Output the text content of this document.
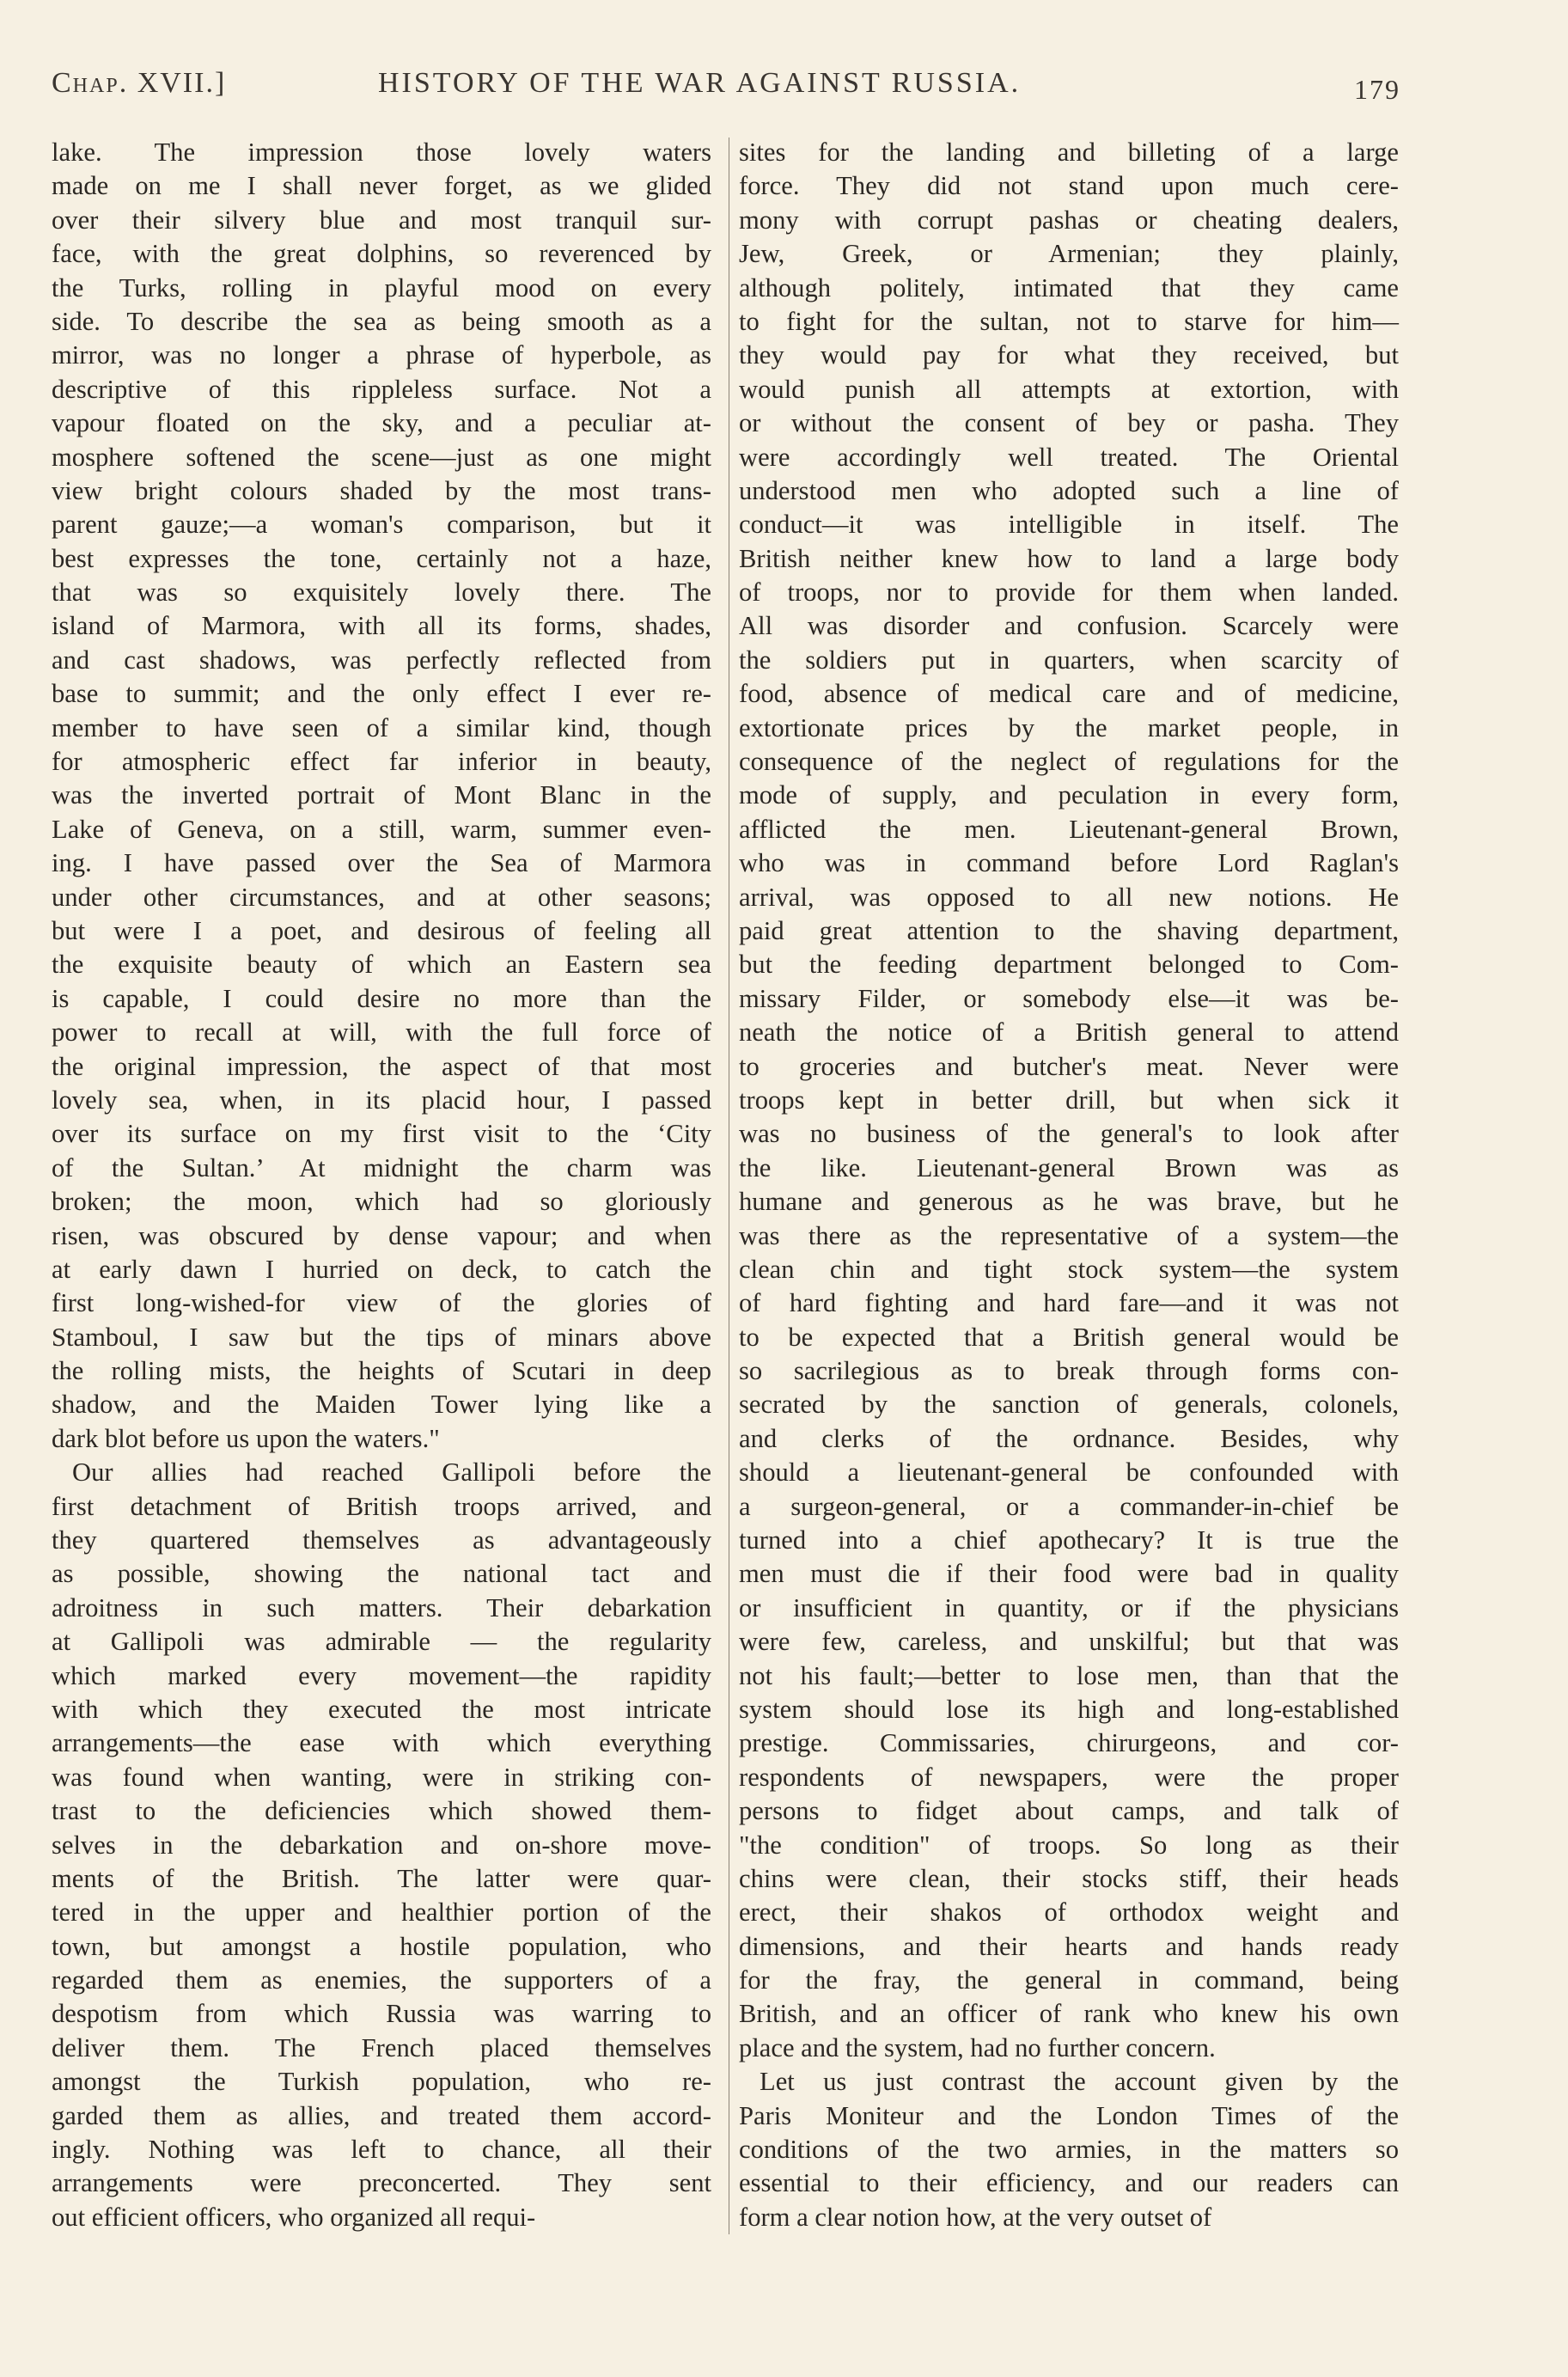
Chap. XVII.]	HISTORY OF THE WAR AGAINST RUSSIA.	179
lake. The impression those lovely waters
made on me I shall never forget, as we glided
over their silvery blue and most tranquil sur-
face, with the great dolphins, so reverenced by
the Turks, rolling in playful mood on every
side. To describe the sea as being smooth as a
mirror, was no longer a phrase of hyperbole, as
descriptive of this rippleless surface. Not a
vapour floated on the sky, and a peculiar at-
mosphere softened the scene—just as one might
view bright colours shaded by the most trans-
parent gauze;—a woman's comparison, but it
best expresses the tone, certainly not a haze,
that was so exquisitely lovely there. The
island of Marmora, with all its forms, shades,
and cast shadows, was perfectly reflected from
base to summit; and the only effect I ever re-
member to have seen of a similar kind, though
for atmospheric effect far inferior in beauty,
was the inverted portrait of Mont Blanc in the
Lake of Geneva, on a still, warm, summer even-
ing. I have passed over the Sea of Marmora
under other circumstances, and at other seasons;
but were I a poet, and desirous of feeling all
the exquisite beauty of which an Eastern sea
is capable, I could desire no more than the
power to recall at will, with the full force of
the original impression, the aspect of that most
lovely sea, when, in its placid hour, I passed
over its surface on my first visit to the ‘City
of the Sultan.’ At midnight the charm was
broken; the moon, which had so gloriously
risen, was obscured by dense vapour; and when
at early dawn I hurried on deck, to catch the
first long-wished-for view of the glories of
Stamboul, I saw but the tips of minars above
the rolling mists, the heights of Scutari in deep
shadow, and the Maiden Tower lying like a
dark blot before us upon the waters."
Our allies had reached Gallipoli before the
first detachment of British troops arrived, and
they quartered themselves as advantageously
as possible, showing the national tact and
adroitness in such matters. Their debarkation
at Gallipoli was admirable — the regularity
which marked every movement—the rapidity
with which they executed the most intricate
arrangements—the ease with which everything
was found when wanting, were in striking con-
trast to the deficiencies which showed them-
selves in the debarkation and on-shore move-
ments of the British. The latter were quar-
tered in the upper and healthier portion of the
town, but amongst a hostile population, who
regarded them as enemies, the supporters of a
despotism from which Russia was warring to
deliver them. The French placed themselves
amongst the Turkish population, who re-
garded them as allies, and treated them accord-
ingly. Nothing was left to chance, all their
arrangements were preconcerted. They sent
out efficient officers, who organized all requi-
sites for the landing and billeting of a large
force. They did not stand upon much cere-
mony with corrupt pashas or cheating dealers,
Jew, Greek, or Armenian; they plainly,
although politely, intimated that they came
to fight for the sultan, not to starve for him—
they would pay for what they received, but
would punish all attempts at extortion, with
or without the consent of bey or pasha. They
were accordingly well treated. The Oriental
understood men who adopted such a line of
conduct—it was intelligible in itself. The
British neither knew how to land a large body
of troops, nor to provide for them when landed.
All was disorder and confusion. Scarcely were
the soldiers put in quarters, when scarcity of
food, absence of medical care and of medicine,
extortionate prices by the market people, in
consequence of the neglect of regulations for the
mode of supply, and peculation in every form,
afflicted the men. Lieutenant-general Brown,
who was in command before Lord Raglan's
arrival, was opposed to all new notions. He
paid great attention to the shaving department,
but the feeding department belonged to Com-
missary Filder, or somebody else—it was be-
neath the notice of a British general to attend
to groceries and butcher's meat. Never were
troops kept in better drill, but when sick it
was no business of the general's to look after
the like. Lieutenant-general Brown was as
humane and generous as he was brave, but he
was there as the representative of a system—the
clean chin and tight stock system—the system
of hard fighting and hard fare—and it was not
to be expected that a British general would be
so sacrilegious as to break through forms con-
secrated by the sanction of generals, colonels,
and clerks of the ordnance. Besides, why
should a lieutenant-general be confounded with
a surgeon-general, or a commander-in-chief be
turned into a chief apothecary? It is true the
men must die if their food were bad in quality
or insufficient in quantity, or if the physicians
were few, careless, and unskilful; but that was
not his fault;—better to lose men, than that the
system should lose its high and long-established
prestige. Commissaries, chirurgeons, and cor-
respondents of newspapers, were the proper
persons to fidget about camps, and talk of
"the condition" of troops. So long as their
chins were clean, their stocks stiff, their heads
erect, their shakos of orthodox weight and
dimensions, and their hearts and hands ready
for the fray, the general in command, being
British, and an officer of rank who knew his own
place and the system, had no further concern.
Let us just contrast the account given by the
Paris Moniteur and the London Times of the
conditions of the two armies, in the matters so
essential to their efficiency, and our readers can
form a clear notion how, at the very outset of
